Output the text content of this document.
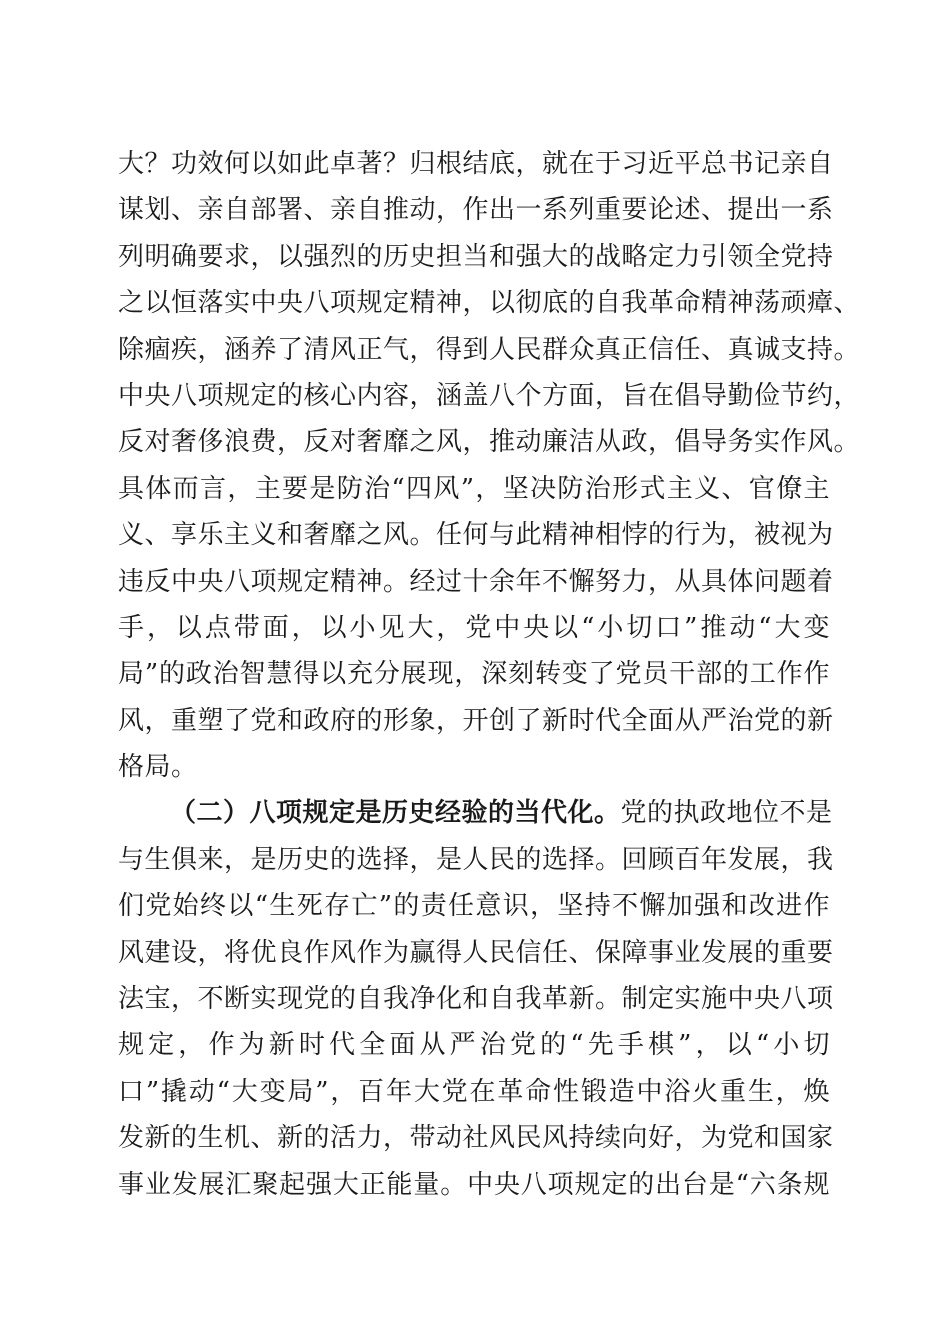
大？功效何以如此卓著？归根结底，就在于习近平总书记亲自
谋划、亲自部署、亲自推动，作出一系列重要论述、提出一系
列明确要求，以强烈的历史担当和强大的战略定力引领全党持
之以恒落实中央八项规定精神，以彻底的自我革命精神荡顽瘴、
除痼疾，涵养了清风正气，得到人民群众真正信任、真诚支持。
中央八项规定的核心内容，涵盖八个方面，旨在倡导勤俭节约，
反对奢侈浪费，反对奢靡之风，推动廉洁从政，倡导务实作风。
具体而言，主要是防治“四风”，坚决防治形式主义、官僚主
义、享乐主义和奢靡之风。任何与此精神相悖的行为，被视为
违反中央八项规定精神。经过十余年不懈努力，从具体问题着
手，以点带面，以小见大，党中央以“小切口”推动“大变
局”的政治智慧得以充分展现，深刻转变了党员干部的工作作
风，重塑了党和政府的形象，开创了新时代全面从严治党的新
格局。
（二）八项规定是历史经验的当代化。党的执政地位不是
与生俱来，是历史的选择，是人民的选择。回顾百年发展，我
们党始终以“生死存亡”的责任意识，坚持不懈加强和改进作
风建设，将优良作风作为赢得人民信任、保障事业发展的重要
法宝，不断实现党的自我净化和自我革新。制定实施中央八项
规定，作为新时代全面从严治党的“先手棋”，以“小切
口”撬动“大变局”，百年大党在革命性锻造中浴火重生，焕
发新的生机、新的活力，带动社风民风持续向好，为党和国家
事业发展汇聚起强大正能量。中央八项规定的出台是“六条规
